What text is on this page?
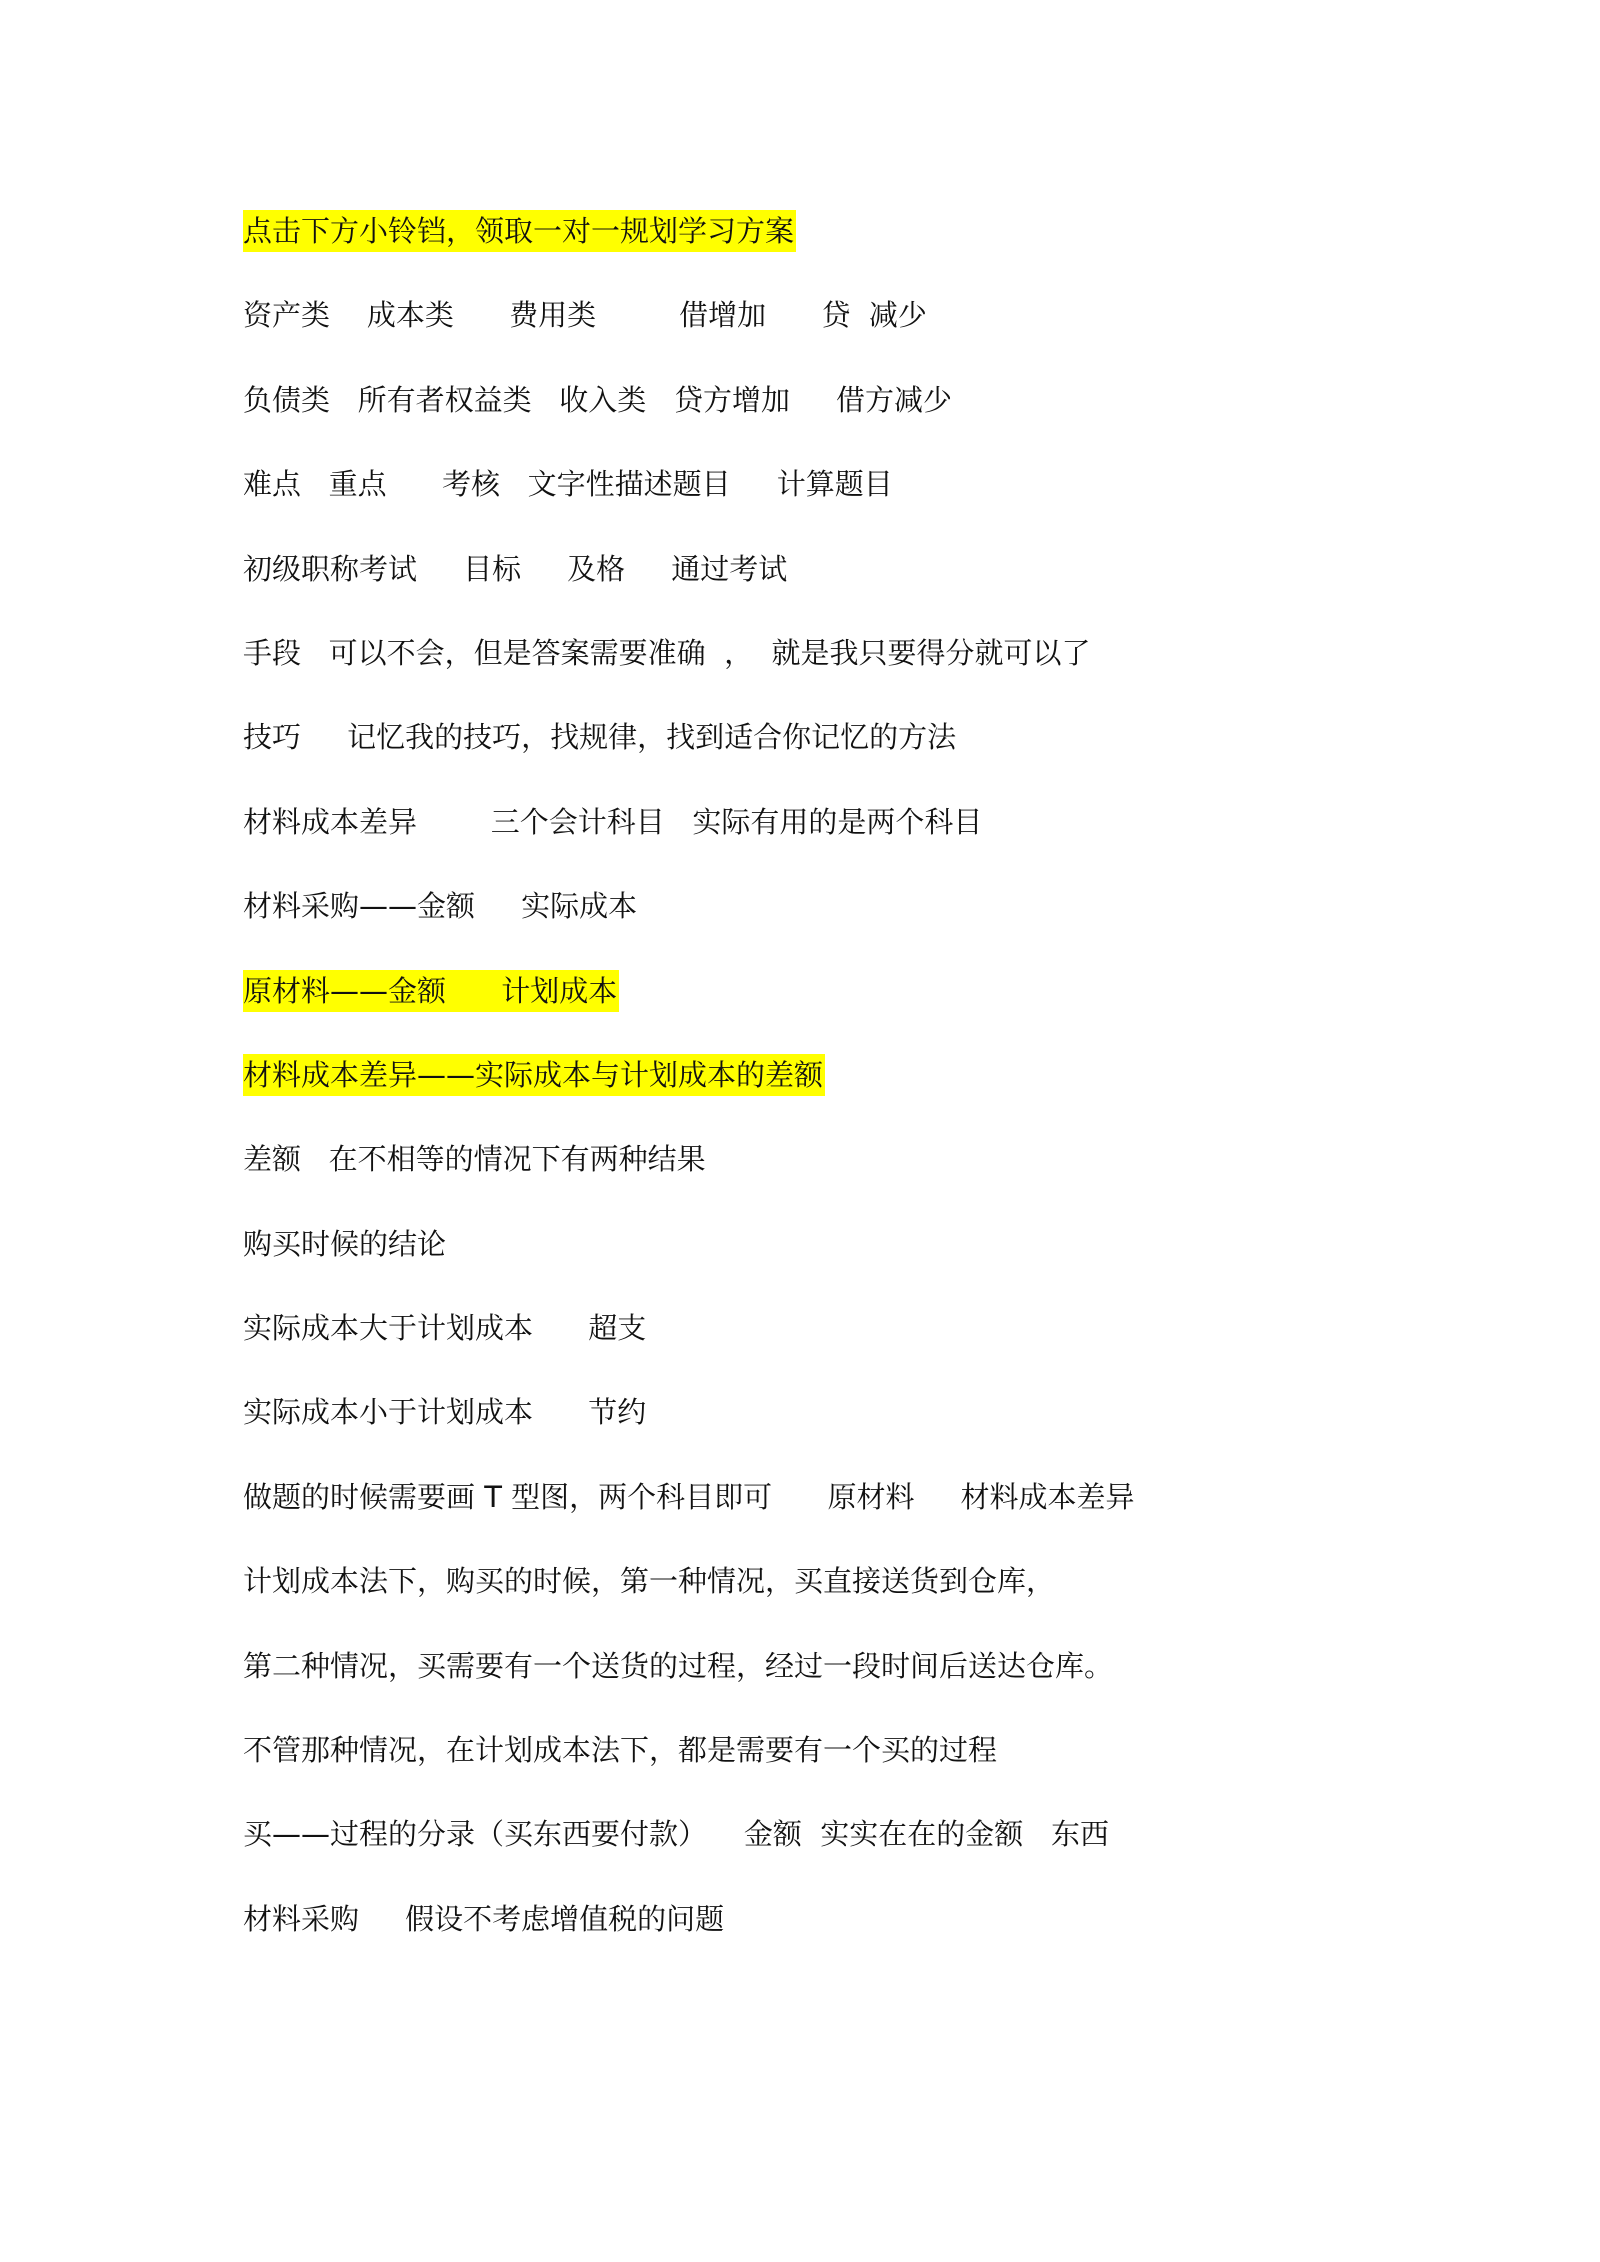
点击下方小铃铛，领取一对一规划学习方案
资产类    成本类      费用类         借增加      贷  减少
负债类   所有者权益类   收入类   贷方增加     借方减少
难点   重点      考核   文字性描述题目     计算题目
初级职称考试     目标     及格     通过考试
手段   可以不会，但是答案需要准确  ，  就是我只要得分就可以了
技巧     记忆我的技巧，找规律，找到适合你记忆的方法
材料成本差异        三个会计科目   实际有用的是两个科目
材料采购——金额     实际成本
原材料——金额      计划成本
材料成本差异——实际成本与计划成本的差额
差额   在不相等的情况下有两种结果
购买时候的结论
实际成本大于计划成本      超支
实际成本小于计划成本      节约
做题的时候需要画 T 型图，两个科目即可      原材料     材料成本差异
计划成本法下，购买的时候，第一种情况，买直接送货到仓库，
第二种情况，买需要有一个送货的过程，经过一段时间后送达仓库。
不管那种情况，在计划成本法下，都是需要有一个买的过程
买——过程的分录（买东西要付款）    金额  实实在在的金额   东西
材料采购     假设不考虑增值税的问题
